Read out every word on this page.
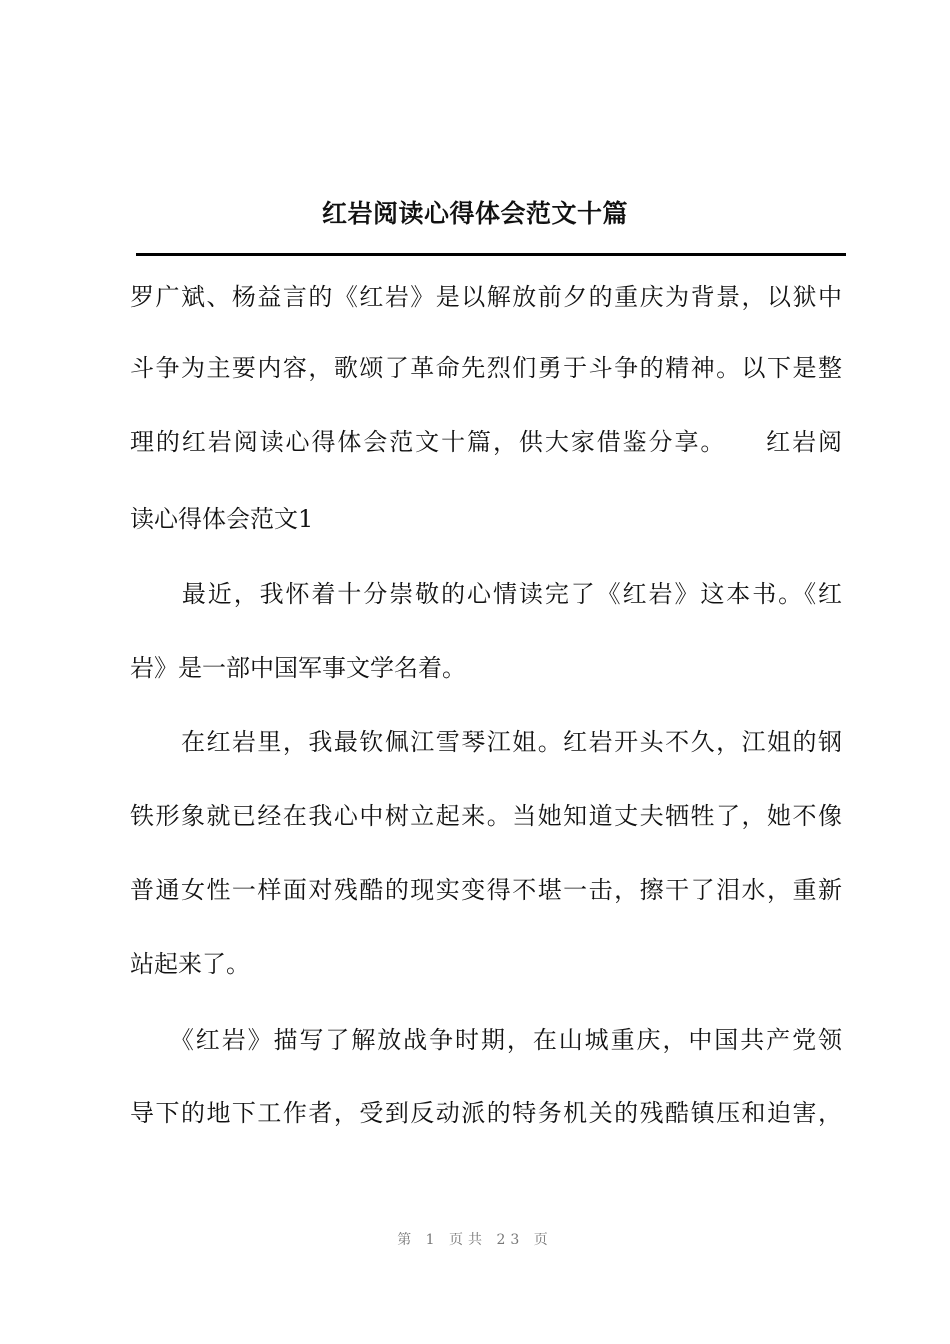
红岩阅读心得体会范文十篇
罗广斌、杨益言的《红岩》是以解放前夕的重庆为背景，以狱中
斗争为主要内容，歌颂了革命先烈们勇于斗争的精神。以下是整
理的红岩阅读心得体会范文十篇，供大家借鉴分享。　　红岩阅
读心得体会范文1
　　最近，我怀着十分崇敬的心情读完了《红岩》这本书。《红
岩》是一部中国军事文学名着。
　　在红岩里，我最钦佩江雪琴江姐。红岩开头不久，江姐的钢
铁形象就已经在我心中树立起来。当她知道丈夫牺牲了，她不像
普通女性一样面对残酷的现实变得不堪一击，擦干了泪水，重新
站起来了。
　　《红岩》描写了解放战争时期，在山城重庆，中国共产党领
导下的地下工作者，受到反动派的特务机关的残酷镇压和迫害，
第 1 页共 23 页
